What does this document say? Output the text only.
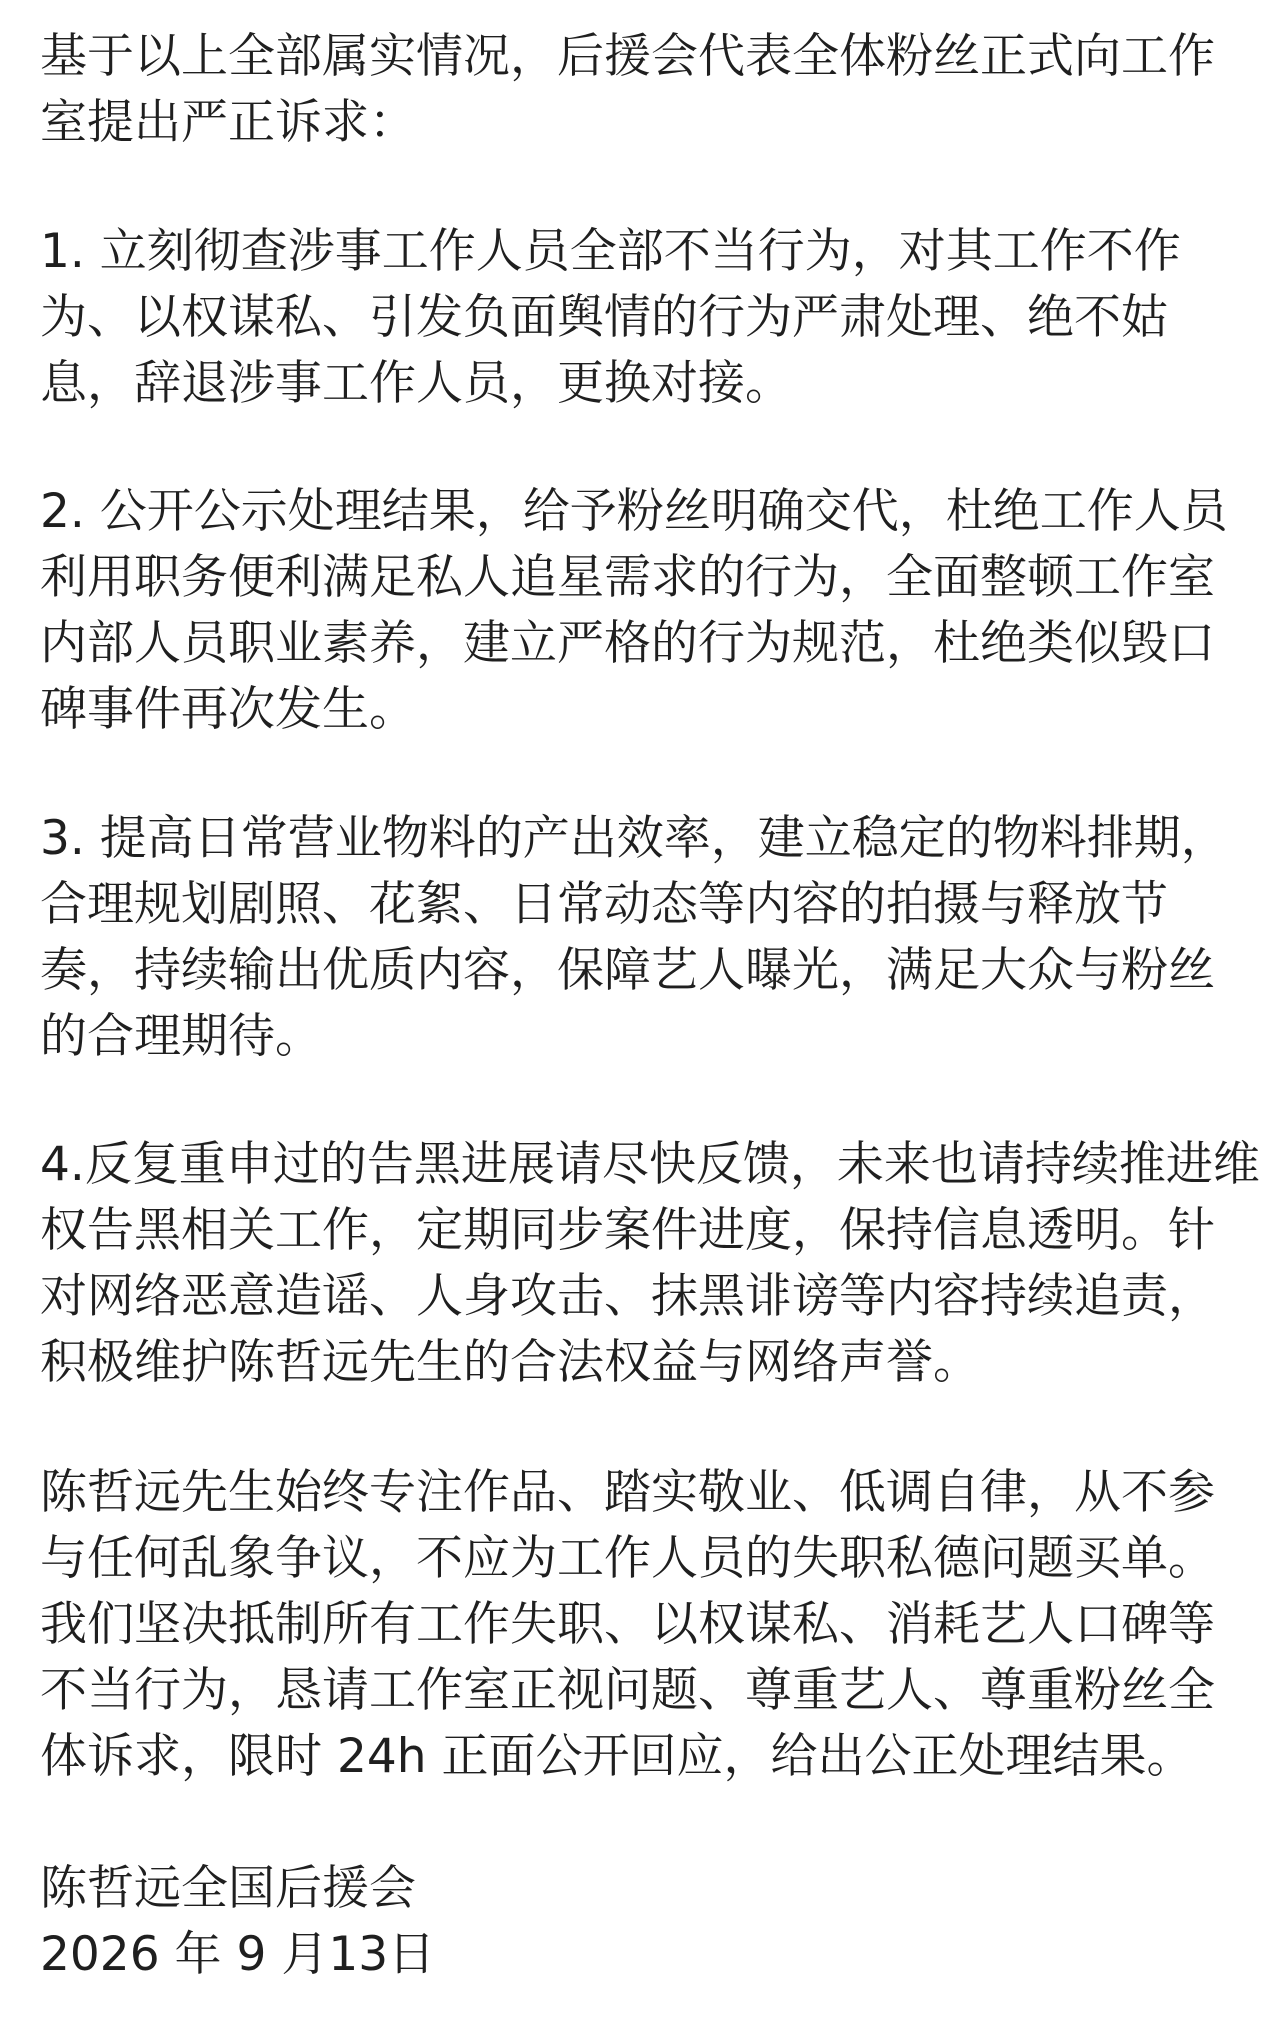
基于以上全部属实情况，后援会代表全体粉丝正式向工作
室提出严正诉求：
1. 立刻彻查涉事工作人员全部不当行为，对其工作不作
为、以权谋私、引发负面舆情的行为严肃处理、绝不姑
息，辞退涉事工作人员，更换对接。
2. 公开公示处理结果，给予粉丝明确交代，杜绝工作人员
利用职务便利满足私人追星需求的行为，全面整顿工作室
内部人员职业素养，建立严格的行为规范，杜绝类似毁口
碑事件再次发生。
3. 提高日常营业物料的产出效率，建立稳定的物料排期，
合理规划剧照、花絮、日常动态等内容的拍摄与释放节
奏，持续输出优质内容，保障艺人曝光，满足大众与粉丝
的合理期待。
4.反复重申过的告黑进展请尽快反馈，未来也请持续推进维
权告黑相关工作，定期同步案件进度，保持信息透明。针
对网络恶意造谣、人身攻击、抹黑诽谤等内容持续追责，
积极维护陈哲远先生的合法权益与网络声誉。
陈哲远先生始终专注作品、踏实敬业、低调自律，从不参
与任何乱象争议，不应为工作人员的失职私德问题买单。
我们坚决抵制所有工作失职、以权谋私、消耗艺人口碑等
不当行为，恳请工作室正视问题、尊重艺人、尊重粉丝全
体诉求，限时 24h 正面公开回应，给出公正处理结果。
陈哲远全国后援会
2026 年 9 月13日
